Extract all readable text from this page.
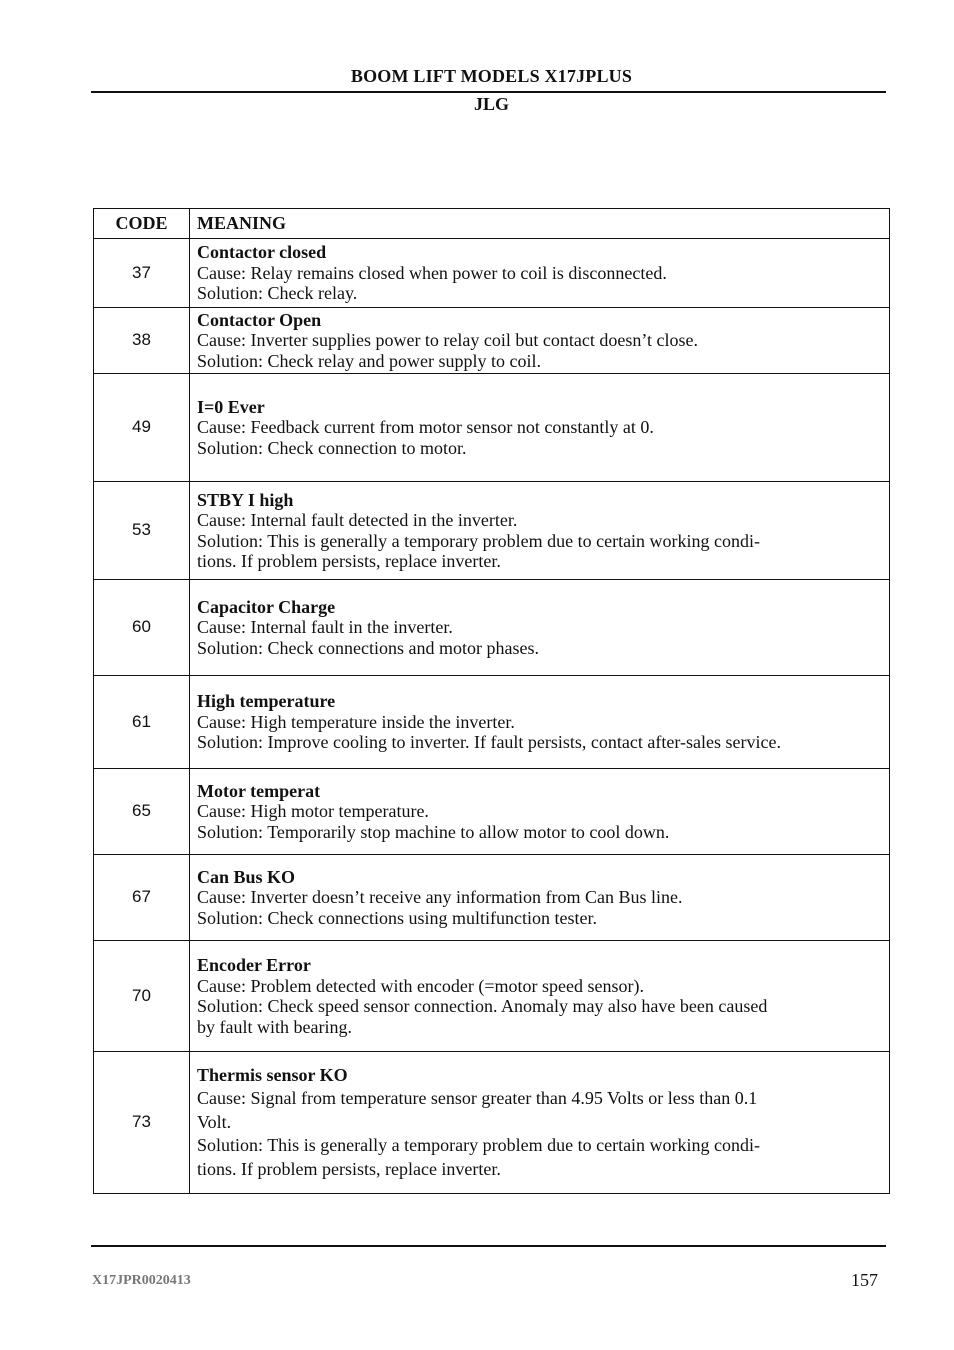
BOOM LIFT MODELS X17JPLUS
JLG
CODE	MEANING
37	Contactor closed
Cause: Relay remains closed when power to coil is disconnected.
Solution: Check relay.

38	Contactor Open
Cause: Inverter supplies power to relay coil but contact doesn’t close.
Solution: Check relay and power supply to coil.

49	I=0 Ever
Cause: Feedback current from motor sensor not constantly at 0.
Solution: Check connection to motor.

53	STBY I high
Cause: Internal fault detected in the inverter.
Solution: This is generally a temporary problem due to certain working condi-
tions. If problem persists, replace inverter.

60	Capacitor Charge
Cause: Internal fault in the inverter.
Solution: Check connections and motor phases.

61	High temperature
Cause: High temperature inside the inverter.
Solution: Improve cooling to inverter. If fault persists, contact after-sales service.

65	Motor temperat
Cause: High motor temperature.
Solution: Temporarily stop machine to allow motor to cool down.

67	Can Bus KO
Cause: Inverter doesn’t receive any information from Can Bus line.
Solution: Check connections using multifunction tester.

70	Encoder Error
Cause: Problem detected with encoder (=motor speed sensor).
Solution: Check speed sensor connection. Anomaly may also have been caused
by fault with bearing.

73	Thermis sensor KO
Cause: Signal from temperature sensor greater than 4.95 Volts or less than 0.1
Volt.
Solution: This is generally a temporary problem due to certain working condi-
tions. If problem persists, replace inverter.
X17JPR0020413	157
